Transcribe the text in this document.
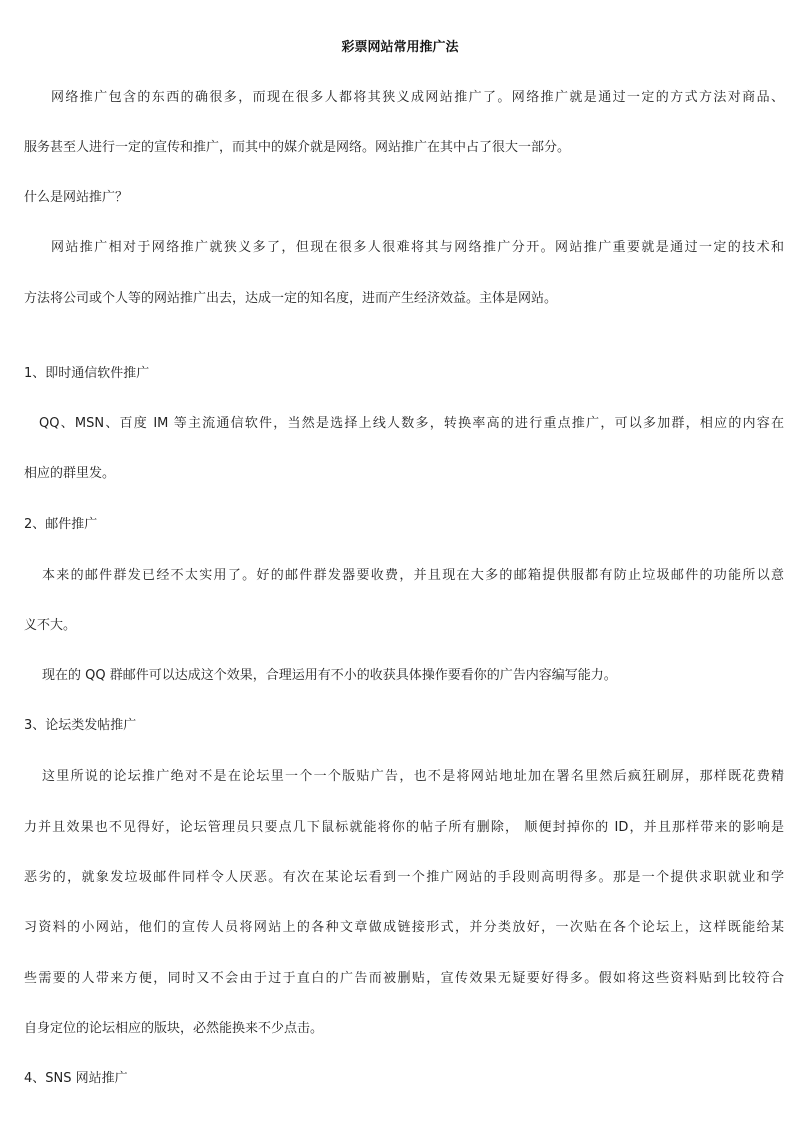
彩票网站常用推广法

网络推广包含的东西的确很多，而现在很多人都将其狭义成网站推广了。网络推广就是通过一定的方式方法对商品、

服务甚至人进行一定的宣传和推广，而其中的媒介就是网络。网站推广在其中占了很大一部分。

什么是网站推广？

网站推广相对于网络推广就狭义多了，但现在很多人很难将其与网络推广分开。网站推广重要就是通过一定的技术和

方法将公司或个人等的网站推广出去，达成一定的知名度，进而产生经济效益。主体是网站。

1、即时通信软件推广

QQ、MSN、百度 IM 等主流通信软件，当然是选择上线人数多，转换率高的进行重点推广，可以多加群，相应的内容在

相应的群里发。

2、邮件推广

本来的邮件群发已经不太实用了。好的邮件群发器要收费，并且现在大多的邮箱提供服都有防止垃圾邮件的功能所以意

义不大。

现在的 QQ 群邮件可以达成这个效果，合理运用有不小的收获具体操作要看你的广告内容编写能力。

3、论坛类发帖推广

这里所说的论坛推广绝对不是在论坛里一个一个版贴广告，也不是将网站地址加在署名里然后疯狂刷屏，那样既花费精

力并且效果也不见得好，论坛管理员只要点几下鼠标就能将你的帖子所有删除， 顺便封掉你的 ID，并且那样带来的影响是

恶劣的，就象发垃圾邮件同样令人厌恶。有次在某论坛看到一个推广网站的手段则高明得多。那是一个提供求职就业和学

习资料的小网站，他们的宣传人员将网站上的各种文章做成链接形式，并分类放好，一次贴在各个论坛上，这样既能给某

些需要的人带来方便，同时又不会由于过于直白的广告而被删贴，宣传效果无疑要好得多。假如将这些资料贴到比较符合

自身定位的论坛相应的版块，必然能换来不少点击。

4、SNS 网站推广
